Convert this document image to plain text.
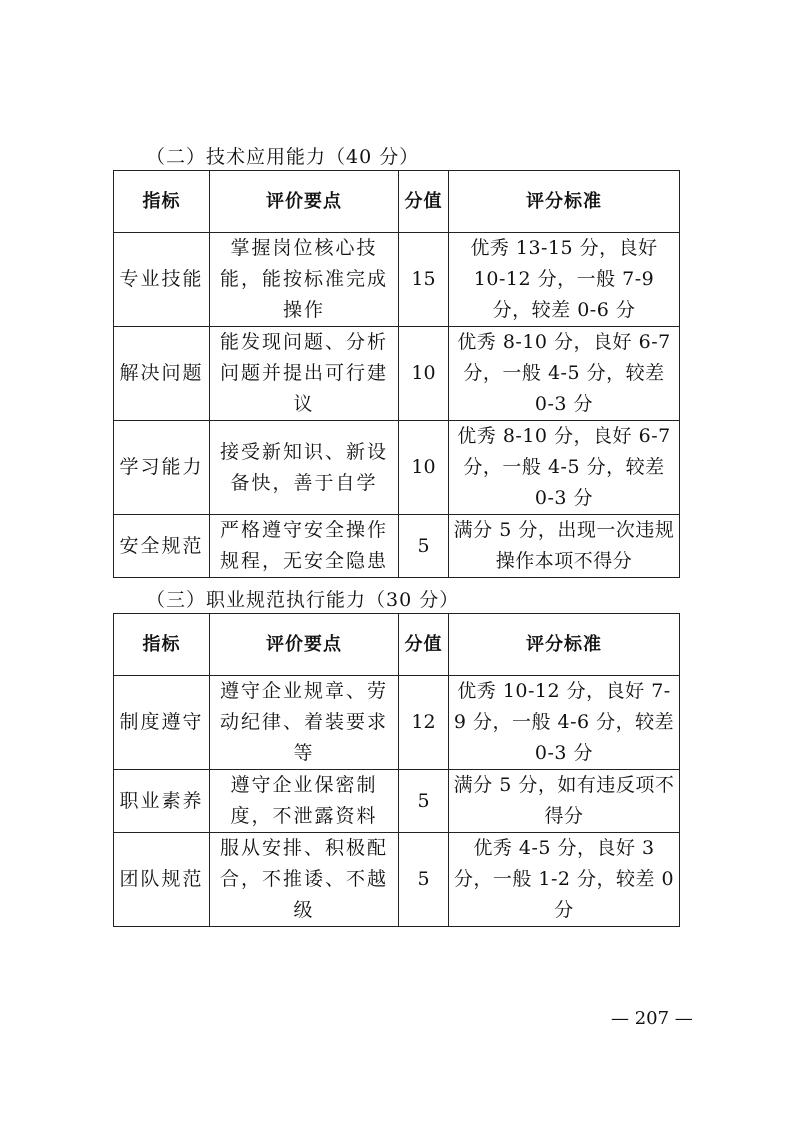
（二）技术应用能力（40 分）
指标	评价要点	分值	评分标准
专业技能	掌握岗位核心技能，能按标准完成操作	15	优秀 13-15 分，良好 10-12 分，一般 7-9 分，较差 0-6 分
解决问题	能发现问题、分析问题并提出可行建议	10	优秀 8-10 分，良好 6-7 分，一般 4-5 分，较差 0-3 分
学习能力	接受新知识、新设备快，善于自学	10	优秀 8-10 分，良好 6-7 分，一般 4-5 分，较差 0-3 分
安全规范	严格遵守安全操作规程，无安全隐患	5	满分 5 分，出现一次违规操作本项不得分
（三）职业规范执行能力（30 分）
指标	评价要点	分值	评分标准
制度遵守	遵守企业规章、劳动纪律、着装要求等	12	优秀 10-12 分，良好 7-9 分，一般 4-6 分，较差 0-3 分
职业素养	遵守企业保密制度，不泄露资料	5	满分 5 分，如有违反项不得分
团队规范	服从安排、积极配合，不推诿、不越级	5	优秀 4-5 分，良好 3 分，一般 1-2 分，较差 0 分
— 207 —
